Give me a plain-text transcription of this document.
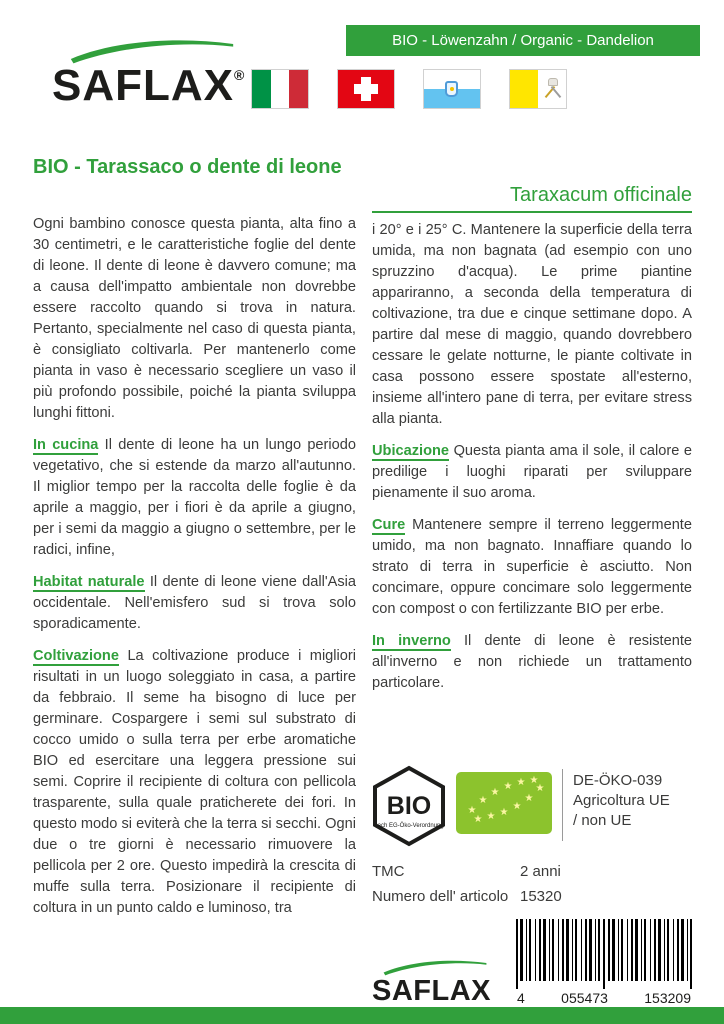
BIO - Löwenzahn / Organic - Dandelion
SAFLAX®
BIO - Tarassaco o dente di leone
Taraxacum officinale

Ogni bambino conosce questa pianta, alta fino a 30 centimetri, e le caratteristiche foglie del dente di leone. Il dente di leone è davvero comune; ma a causa dell'impatto ambientale non dovrebbe essere raccolto quando si trova in natura. Pertanto, specialmente nel caso di questa pianta, è consigliato coltivarla. Per mantenerlo come pianta in vaso è necessario scegliere un vaso il più profondo possibile, poiché la pianta sviluppa lunghi fittoni.

In cucina Il dente di leone ha un lungo periodo vegetativo, che si estende da marzo all'autunno. Il miglior tempo per la raccolta delle foglie è da aprile a maggio, per i fiori è da aprile a giugno, per i semi da maggio a giugno o settembre, per le radici, infine,

Habitat naturale Il dente di leone viene dall'Asia occidentale. Nell'emisfero sud si trova solo sporadicamente.

Coltivazione La coltivazione produce i migliori risultati in un luogo soleggiato in casa, a partire da febbraio. Il seme ha bisogno di luce per germinare. Cospargere i semi sul substrato di cocco umido o sulla terra per erbe aromatiche BIO ed esercitare una leggera pressione sui semi. Coprire il recipiente di coltura con pellicola trasparente, sulla quale praticherete dei fori. In questo modo si eviterà che la terra si secchi. Ogni due o tre giorni è necessario rimuovere la pellicola per 2 ore. Questo impedirà la crescita di muffe sulla terra. Posizionare il recipiente di coltura in un punto caldo e luminoso, tra

i 20° e i 25° C. Mantenere la superficie della terra umida, ma non bagnata (ad esempio con uno spruzzino d'acqua). Le prime piantine appariranno, a seconda della temperatura di coltivazione, tra due e cinque settimane dopo. A partire dal mese di maggio, quando dovrebbero cessare le gelate notturne, le piante coltivate in casa possono essere spostate all'esterno, insieme all'intero pane di terra, per evitare stress alla pianta.

Ubicazione Questa pianta ama il sole, il calore e predilige i luoghi riparati per sviluppare pienamente il suo aroma.

Cure Mantenere sempre il terreno leggermente umido, ma non bagnato. Innaffiare quando lo strato di terra in superficie è asciutto. Non concimare, oppure concimare solo leggermente con compost o con fertilizzante BIO per erbe.

In inverno Il dente di leone è resistente all'inverno e non richiede un trattamento particolare.

BIO
nach EG-Öko-Verordnung
★
★
★
★ ★ ★
★ ★ ★
★
★
★ DE-ÖKO-039
Agricoltura UE
/ non UE
TMC	2 anni
Numero dell' articolo 15320
SAFLAX 4	055473	153209
